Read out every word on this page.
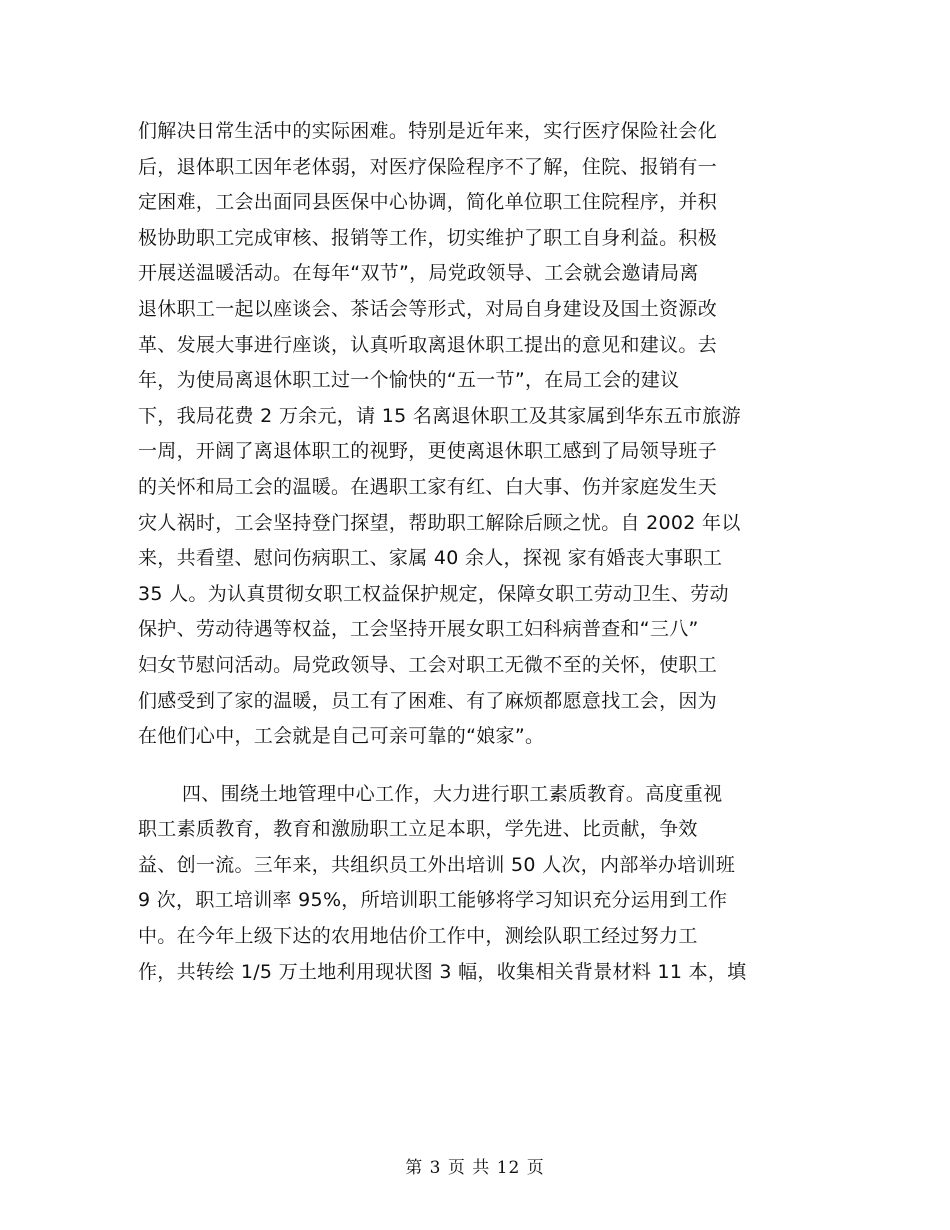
们解决日常生活中的实际困难。特别是近年来，实行医疗保险社会化
后，退体职工因年老体弱，对医疗保险程序不了解，住院、报销有一
定困难，工会出面同县医保中心协调，简化单位职工住院程序，并积
极协助职工完成审核、报销等工作，切实维护了职工自身利益。积极
开展送温暖活动。在每年“双节”，局党政领导、工会就会邀请局离
退休职工一起以座谈会、茶话会等形式，对局自身建设及国土资源改
革、发展大事进行座谈，认真听取离退休职工提出的意见和建议。去
年，为使局离退休职工过一个愉快的“五一节”，在局工会的建议
下，我局花费 2 万余元，请 15 名离退休职工及其家属到华东五市旅游
一周，开阔了离退体职工的视野，更使离退休职工感到了局领导班子
的关怀和局工会的温暖。在遇职工家有红、白大事、伤并家庭发生天
灾人祸时，工会坚持登门探望，帮助职工解除后顾之忧。自 2002 年以
来，共看望、慰问伤病职工、家属 40 余人，探视 家有婚丧大事职工
35 人。为认真贯彻女职工权益保护规定，保障女职工劳动卫生、劳动
保护、劳动待遇等权益，工会坚持开展女职工妇科病普查和“三八”
妇女节慰问活动。局党政领导、工会对职工无微不至的关怀，使职工
们感受到了家的温暖，员工有了困难、有了麻烦都愿意找工会，因为
在他们心中，工会就是自己可亲可靠的“娘家”。
四、围绕土地管理中心工作，大力进行职工素质教育。高度重视
职工素质教育，教育和激励职工立足本职，学先进、比贡献，争效
益、创一流。三年来，共组织员工外出培训 50 人次，内部举办培训班
9 次，职工培训率 95%，所培训职工能够将学习知识充分运用到工作
中。在今年上级下达的农用地估价工作中，测绘队职工经过努力工
作，共转绘 1/5 万土地利用现状图 3 幅，收集相关背景材料 11 本，填
第 3 页 共 12 页
